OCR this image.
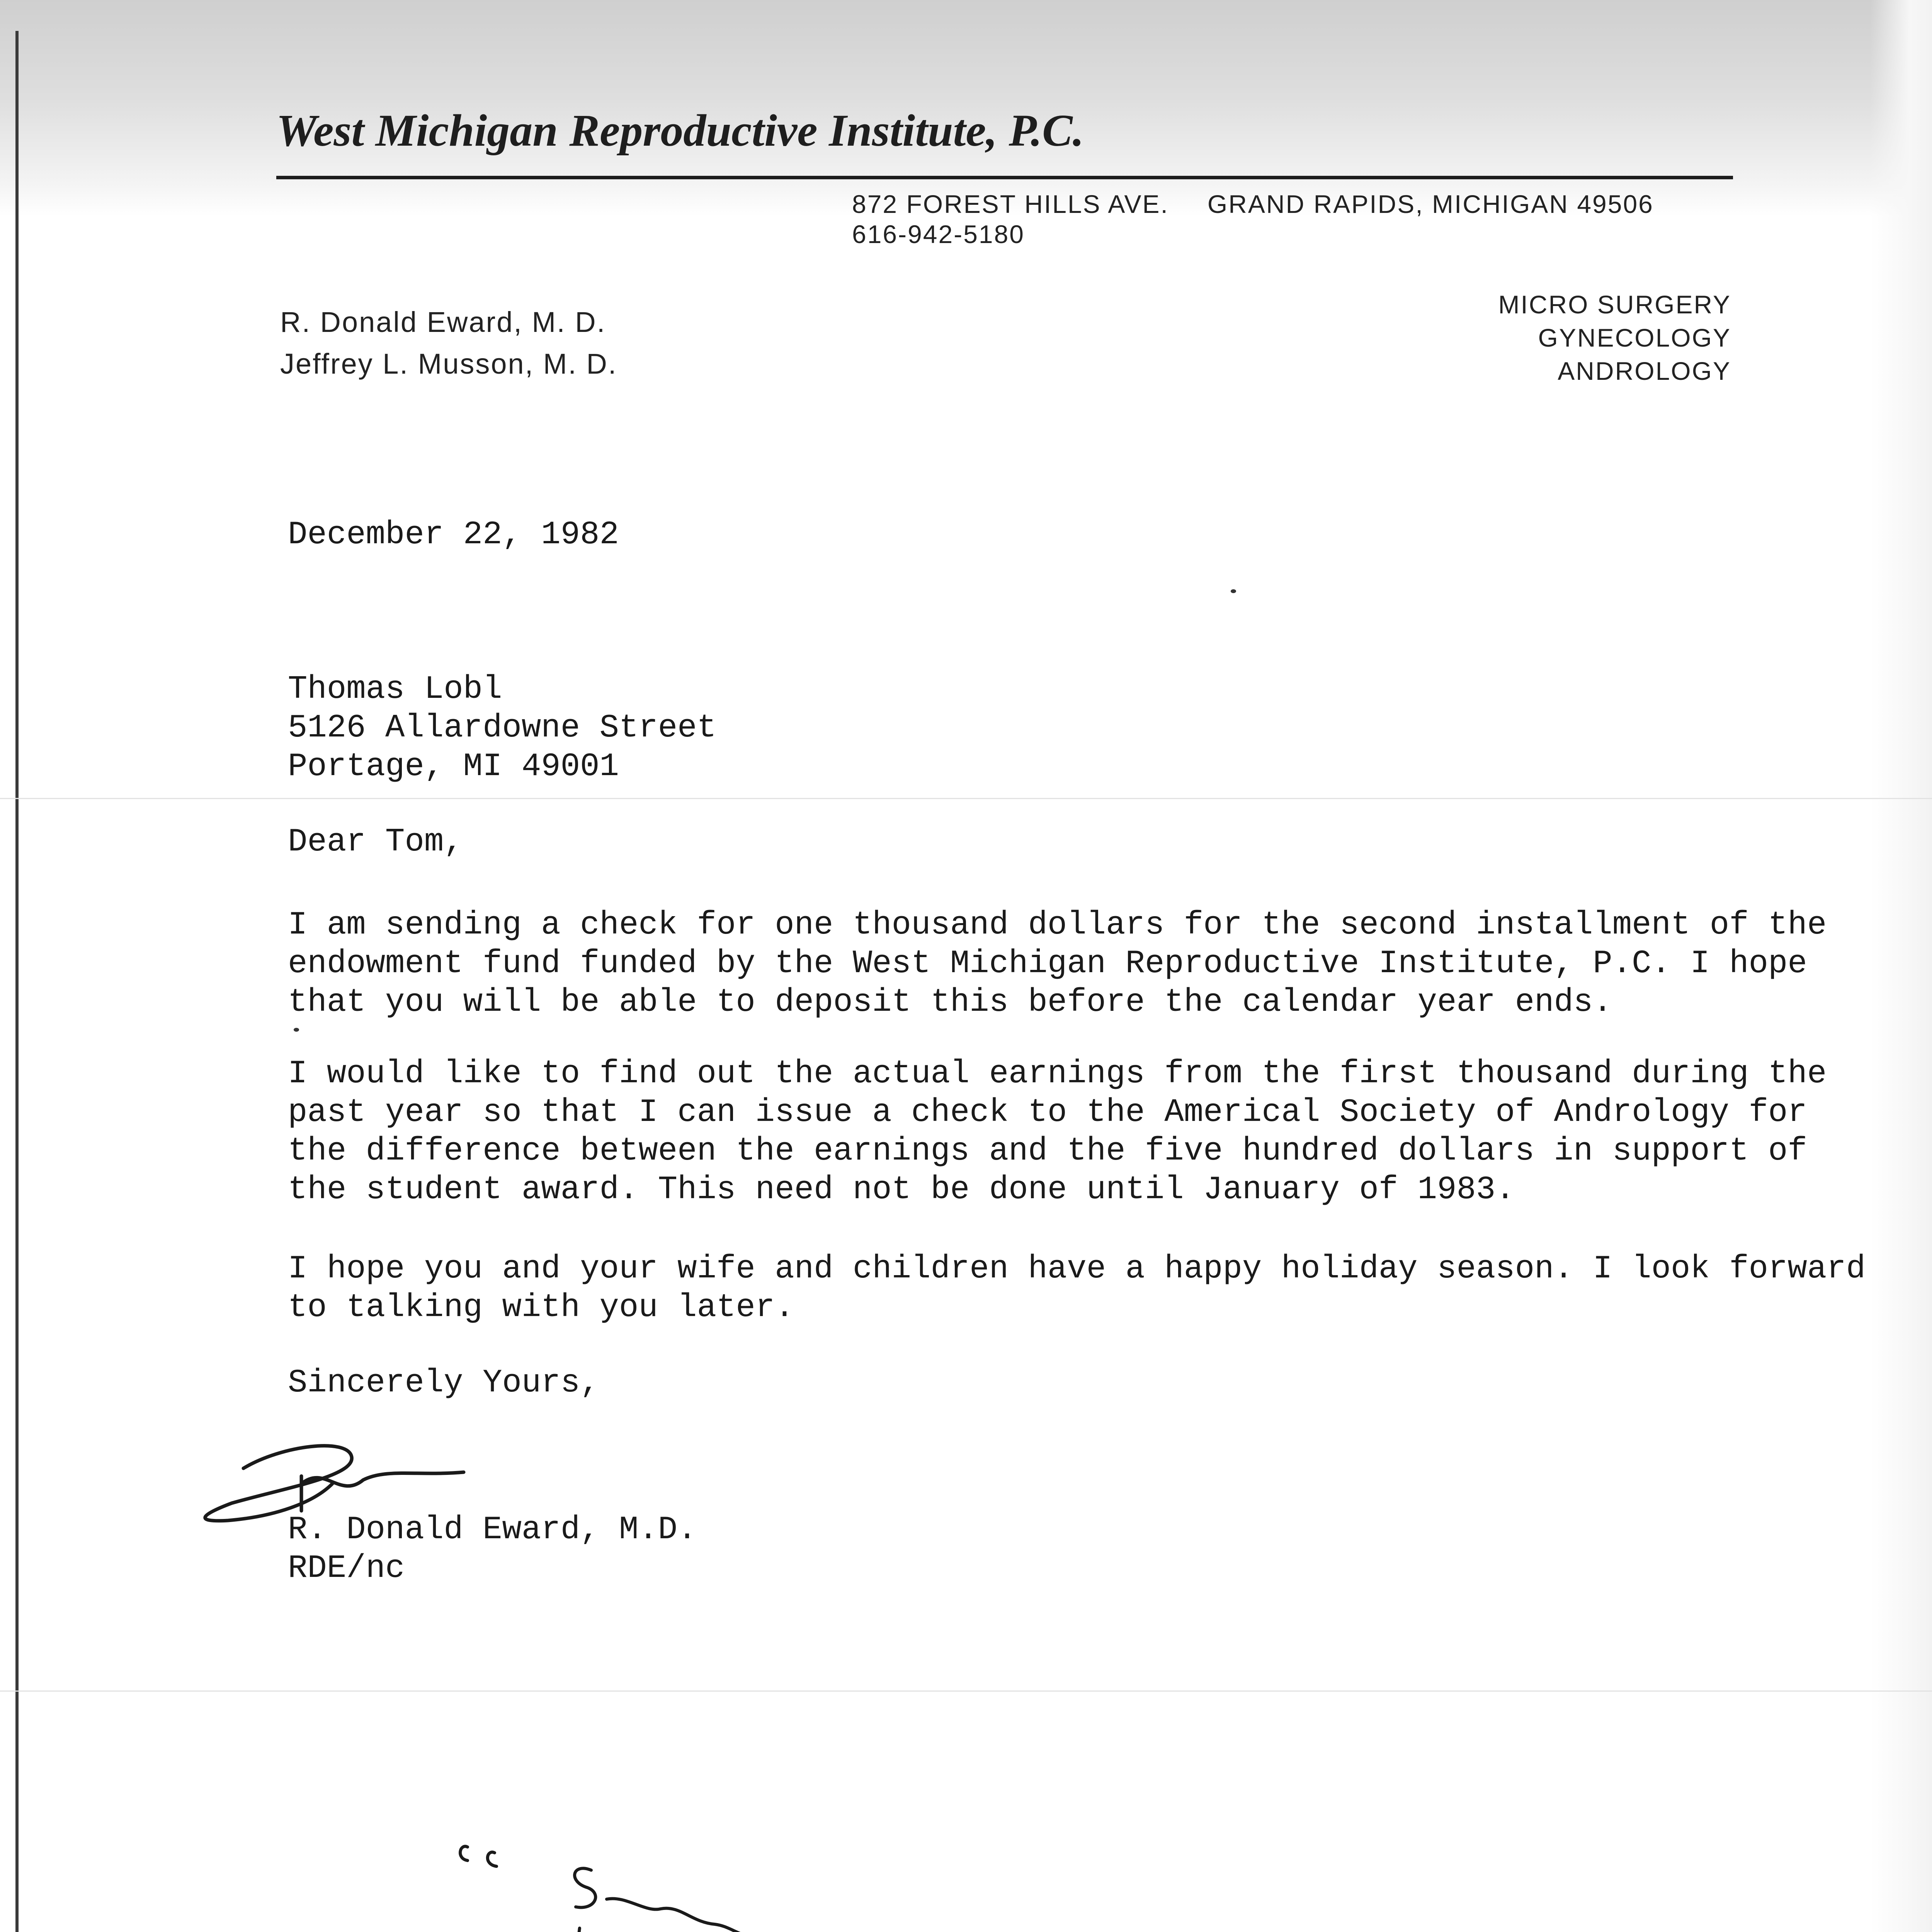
West Michigan Reproductive Institute, P.C.
872 FOREST HILLS AVE. GRAND RAPIDS, MICHIGAN 49506
616-942-5180
R. Donald Eward, M. D.
Jeffrey L. Musson, M. D.
MICRO SURGERY
GYNECOLOGY
ANDROLOGY
December 22, 1982
Thomas Lobl
5126 Allardowne Street
Portage, MI 49001
Dear Tom,
I am sending a check for one thousand dollars for the second installment of the
endowment fund funded by the West Michigan Reproductive Institute, P.C. I hope
that you will be able to deposit this before the calendar year ends.
I would like to find out the actual earnings from the first thousand during the
past year so that I can issue a check to the Americal Society of Andrology for
the difference between the earnings and the five hundred dollars in support of
the student award. This need not be done until January of 1983.
I hope you and your wife and children have a happy holiday season. I look forward
to talking with you later.
Sincerely Yours,
R. Donald Eward, M.D.
RDE/nc
